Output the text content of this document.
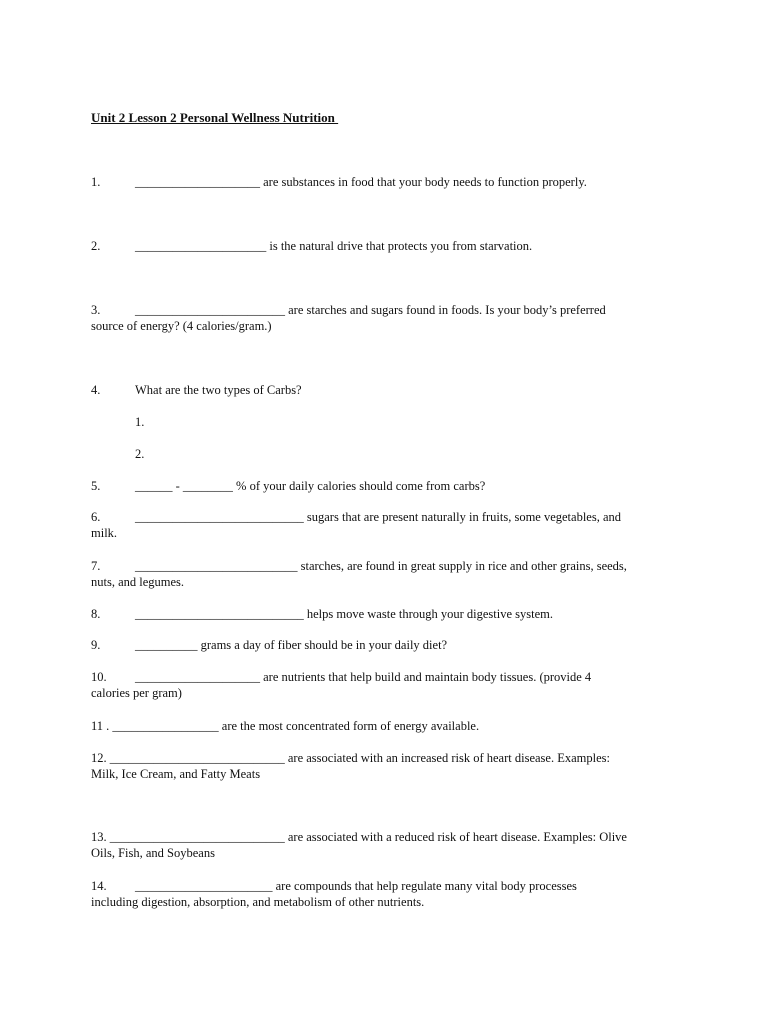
Unit 2 Lesson 2 Personal Wellness Nutrition
1.	____________________ are substances in food that your body needs to function properly.
2.	_____________________ is the natural drive that protects you from starvation.
3.	________________________ are starches and sugars found in foods. Is your body’s preferred
source of energy? (4 calories/gram.)
4.	What are the two types of Carbs?
1.
2.
5.	______ - ________ % of your daily calories should come from carbs?
6.	___________________________ sugars that are present naturally in fruits, some vegetables, and
milk.
7.	__________________________ starches, are found in great supply in rice and other grains, seeds,
nuts, and legumes.
8.	___________________________ helps move waste through your digestive system.
9.	__________ grams a day of fiber should be in your daily diet?
10.	____________________ are nutrients that help build and maintain body tissues. (provide 4
calories per gram)
11 . _________________ are the most concentrated form of energy available.
12. ____________________________ are associated with an increased risk of heart disease. Examples:
Milk, Ice Cream, and Fatty Meats
13. ____________________________ are associated with a reduced risk of heart disease. Examples: Olive
Oils, Fish, and Soybeans
14.	______________________ are compounds that help regulate many vital body processes
including digestion, absorption, and metabolism of other nutrients.
